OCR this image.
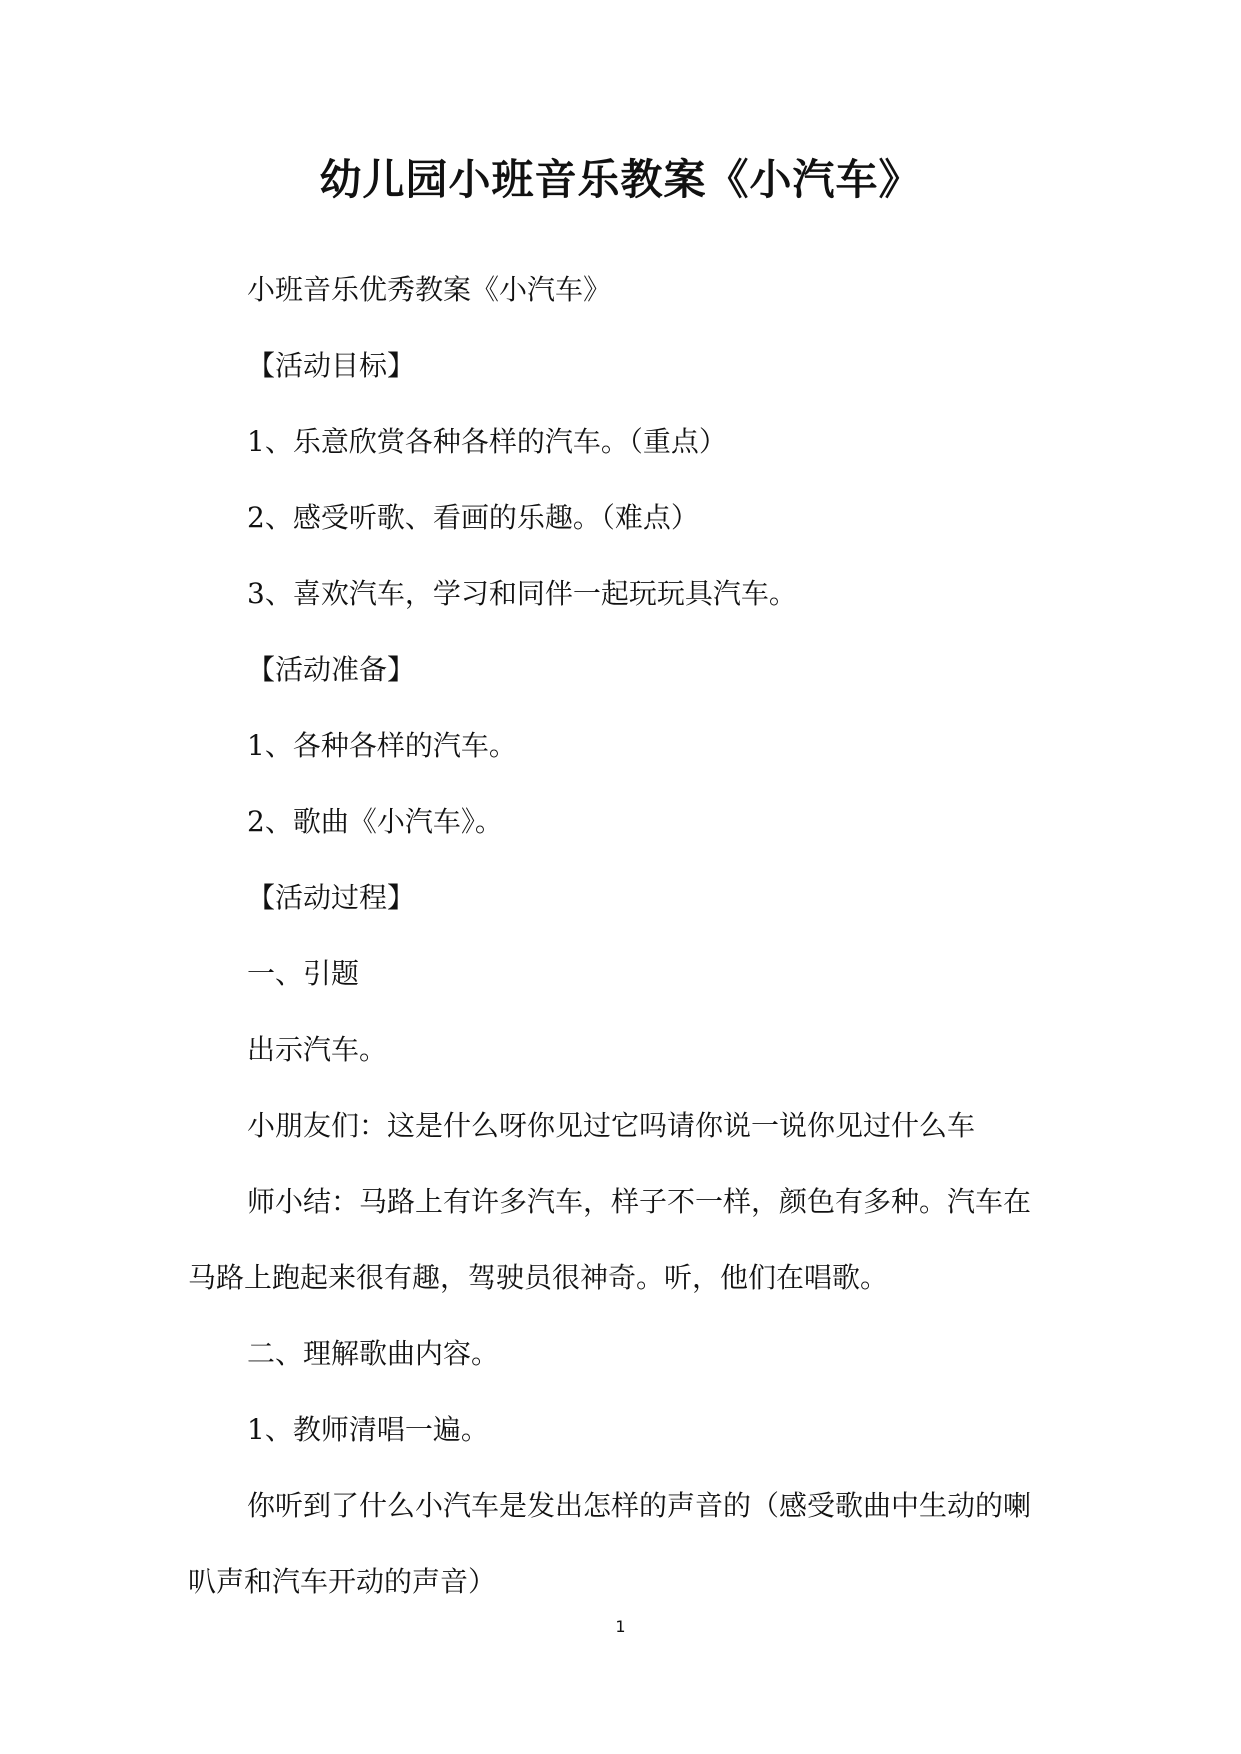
幼儿园小班音乐教案《小汽车》

小班音乐优秀教案《小汽车》

【活动目标】

1、乐意欣赏各种各样的汽车。（重点）

2、感受听歌、看画的乐趣。（难点）

3、喜欢汽车，学习和同伴一起玩玩具汽车。

【活动准备】

1、各种各样的汽车。

2、歌曲《小汽车》。

【活动过程】

一、引题

出示汽车。

小朋友们：这是什么呀你见过它吗请你说一说你见过什么车

师小结：马路上有许多汽车，样子不一样，颜色有多种。汽车在马路上跑起来很有趣，驾驶员很神奇。听，他们在唱歌。

二、理解歌曲内容。

1、教师清唱一遍。

你听到了什么小汽车是发出怎样的声音的（感受歌曲中生动的喇叭声和汽车开动的声音）

1
